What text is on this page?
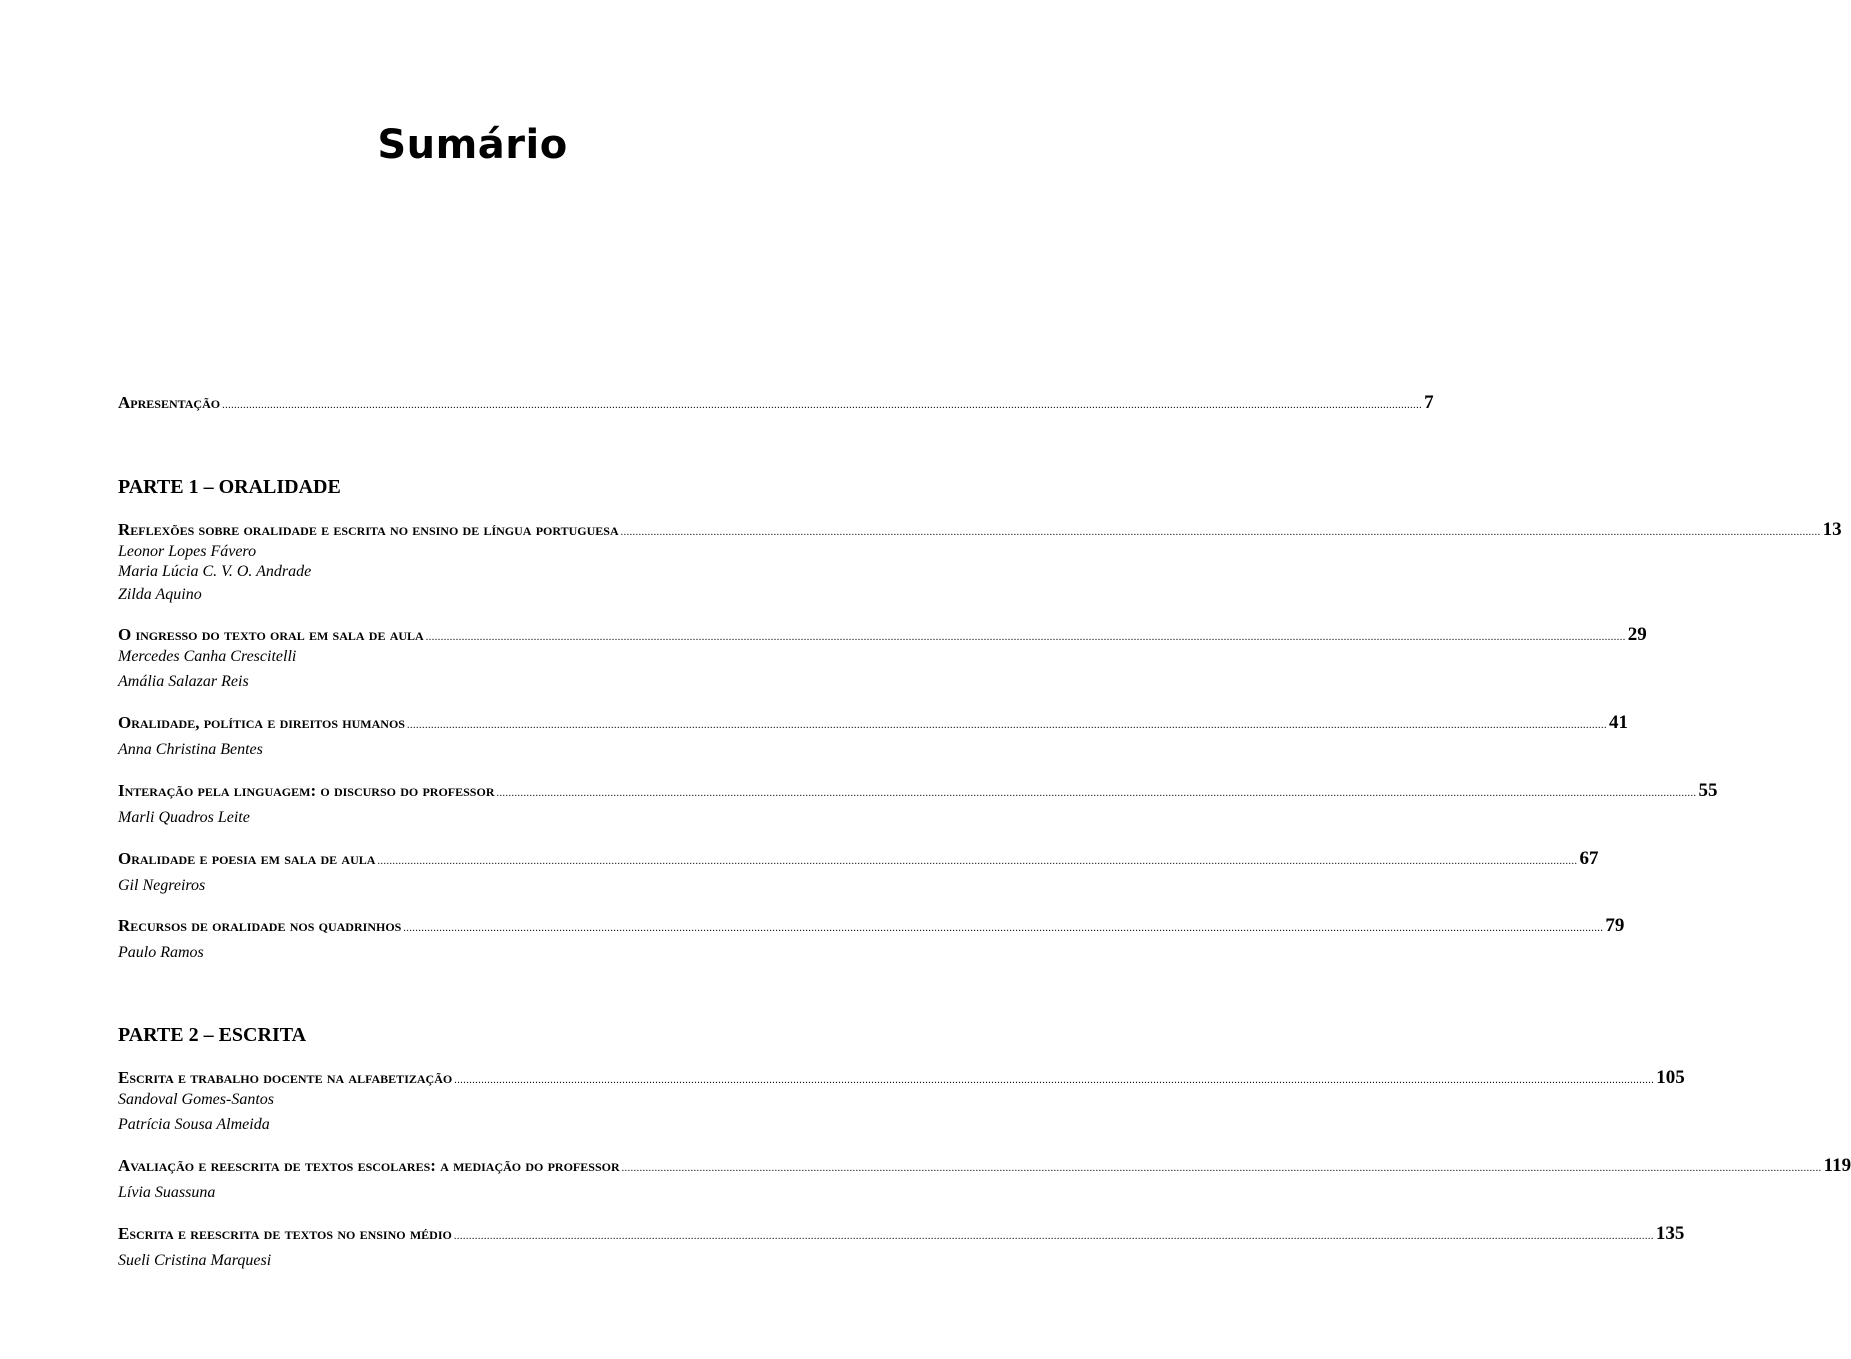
Sumário
Apresentação ................................................................................................................................................................................................................................................................................................................................................................................................................ 7
PARTE 1 – ORALIDADE
Reflexões sobre oralidade e escrita no ensino de língua portuguesa ................................................................................................................................................................................................................................................................................................................................................................................................................ 13
Leonor Lopes Fávero
Maria Lúcia C. V. O. Andrade
Zilda Aquino
O ingresso do texto oral em sala de aula ................................................................................................................................................................................................................................................................................................................................................................................................................ 29
Mercedes Canha Crescitelli
Amália Salazar Reis
Oralidade, política e direitos humanos ................................................................................................................................................................................................................................................................................................................................................................................................................ 41
Anna Christina Bentes
Interação pela linguagem: o discurso do professor ................................................................................................................................................................................................................................................................................................................................................................................................................ 55
Marli Quadros Leite
Oralidade e poesia em sala de aula ................................................................................................................................................................................................................................................................................................................................................................................................................ 67
Gil Negreiros
Recursos de oralidade nos quadrinhos ................................................................................................................................................................................................................................................................................................................................................................................................................ 79
Paulo Ramos
PARTE 2 – ESCRITA
Escrita e trabalho docente na alfabetização ................................................................................................................................................................................................................................................................................................................................................................................................................ 105
Sandoval Gomes-Santos
Patrícia Sousa Almeida
Avaliação e reescrita de textos escolares: a mediação do professor ................................................................................................................................................................................................................................................................................................................................................................................................................ 119
Lívia Suassuna
Escrita e reescrita de textos no ensino médio ................................................................................................................................................................................................................................................................................................................................................................................................................ 135
Sueli Cristina Marquesi
